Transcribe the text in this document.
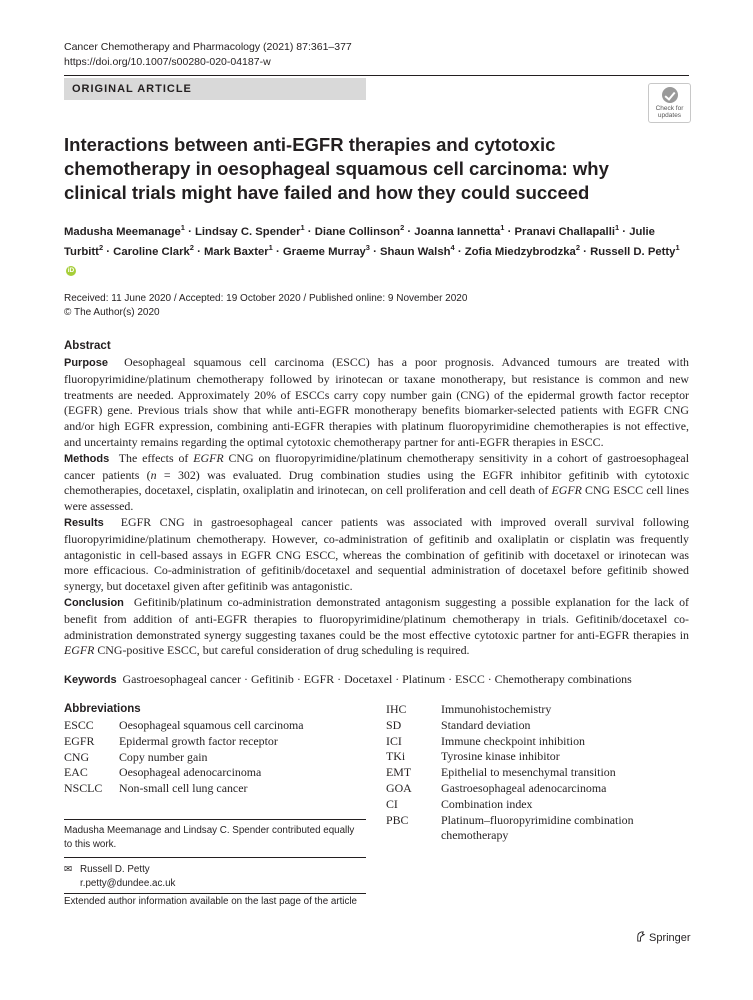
Cancer Chemotherapy and Pharmacology (2021) 87:361–377
https://doi.org/10.1007/s00280-020-04187-w
ORIGINAL ARTICLE
Check for
updates
Interactions between anti-EGFR therapies and cytotoxic chemotherapy in oesophageal squamous cell carcinoma: why clinical trials might have failed and how they could succeed
Madusha Meemanage$^1$ · Lindsay C. Spender$^1$ · Diane Collinson$^2$ · Joanna Iannetta$^1$ · Pranavi Challapalli$^1$ · Julie Turbitt$^2$ · Caroline Clark$^2$ · Mark Baxter$^1$ · Graeme Murray$^3$ · Shaun Walsh$^4$ · Zofia Miedzybrodzka$^2$ · Russell D. Petty$^1$iD
Received: 11 June 2020 / Accepted: 19 October 2020 / Published online: 9 November 2020
© The Author(s) 2020
Abstract

Purpose Oesophageal squamous cell carcinoma (ESCC) has a poor prognosis. Advanced tumours are treated with fluoropyrimidine/platinum chemotherapy followed by irinotecan or taxane monotherapy, but resistance is common and new treatments are needed. Approximately 20% of ESCCs carry copy number gain (CNG) of the epidermal growth factor receptor (EGFR) gene. Previous trials show that while anti-EGFR monotherapy benefits biomarker-selected patients with EGFR CNG and/or high EGFR expression, combining anti-EGFR therapies with platinum fluoropyrimidine chemotherapies is not effective, and uncertainty remains regarding the optimal cytotoxic chemotherapy partner for anti-EGFR therapies in ESCC.

Methods The effects of EGFR CNG on fluoropyrimidine/platinum chemotherapy sensitivity in a cohort of gastroesophageal cancer patients (n = 302) was evaluated. Drug combination studies using the EGFR inhibitor gefitinib with cytotoxic chemotherapies, docetaxel, cisplatin, oxaliplatin and irinotecan, on cell proliferation and cell death of EGFR CNG ESCC cell lines were assessed.

Results EGFR CNG in gastroesophageal cancer patients was associated with improved overall survival following fluoropyrimidine/platinum chemotherapy. However, co-administration of gefitinib and oxaliplatin or cisplatin was frequently antagonistic in cell-based assays in EGFR CNG ESCC, whereas the combination of gefitinib with docetaxel or irinotecan was more efficacious. Co-administration of gefitinib/docetaxel and sequential administration of docetaxel before gefitinib showed synergy, but docetaxel given after gefitinib was antagonistic.

Conclusion Gefitinib/platinum co-administration demonstrated antagonism suggesting a possible explanation for the lack of benefit from addition of anti-EGFR therapies to fluoropyrimidine/platinum chemotherapy in trials. Gefitinib/docetaxel co-administration demonstrated synergy suggesting taxanes could be the most effective cytotoxic partner for anti-EGFR therapies in EGFR CNG-positive ESCC, but careful consideration of drug scheduling is required.

Keywords Gastroesophageal cancer · Gefitinib · EGFR · Docetaxel · Platinum · ESCC · Chemotherapy combinations
Abbreviations
ESCC	Oesophageal squamous cell carcinoma
EGFR	Epidermal growth factor receptor
CNG	Copy number gain
EAC	Oesophageal adenocarcinoma
NSCLC	Non-small cell lung cancer
IHC	Immunohistochemistry
SD	Standard deviation
ICI	Immune checkpoint inhibition
TKi	Tyrosine kinase inhibitor
EMT	Epithelial to mesenchymal transition
GOA	Gastroesophageal adenocarcinoma
CI	Combination index
PBC	Platinum–fluoropyrimidine combination chemotherapy
Madusha Meemanage and Lindsay C. Spender contributed equally to this work.
✉ Russell D. Petty
r.petty@dundee.ac.uk
Extended author information available on the last page of the article
Springer
